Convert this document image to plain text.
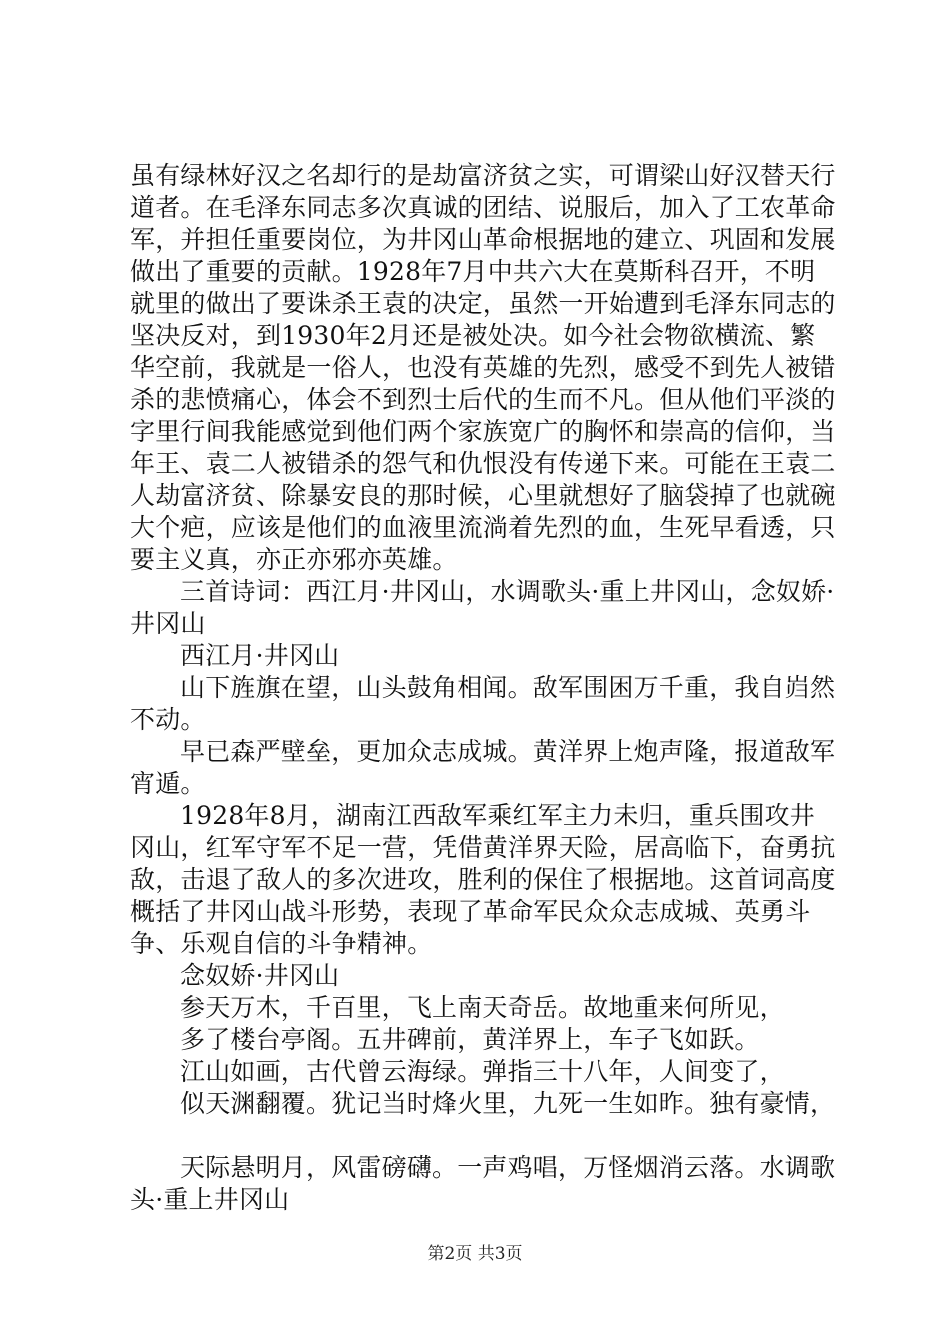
虽有绿林好汉之名却行的是劫富济贫之实，可谓梁山好汉替天行道者。在毛泽东同志多次真诚的团结、说服后，加入了工农革命军，并担任重要岗位，为井冈山革命根据地的建立、巩固和发展做出了重要的贡献。1928年7月中共六大在莫斯科召开，不明就里的做出了要诛杀王袁的决定，虽然一开始遭到毛泽东同志的坚决反对，到1930年2月还是被处决。如今社会物欲横流、繁华空前，我就是一俗人，也没有英雄的先烈，感受不到先人被错杀的悲愤痛心，体会不到烈士后代的生而不凡。但从他们平淡的字里行间我能感觉到他们两个家族宽广的胸怀和崇高的信仰，当年王、袁二人被错杀的怨气和仇恨没有传递下来。可能在王袁二人劫富济贫、除暴安良的那时候，心里就想好了脑袋掉了也就碗大个疤，应该是他们的血液里流淌着先烈的血，生死早看透，只要主义真，亦正亦邪亦英雄。

三首诗词：西江月·井冈山，水调歌头·重上井冈山，念奴娇·井冈山

西江月·井冈山

山下旌旗在望，山头鼓角相闻。敌军围困万千重，我自岿然不动。

早已森严壁垒，更加众志成城。黄洋界上炮声隆，报道敌军宵遁。

1928年8月，湖南江西敌军乘红军主力未归，重兵围攻井冈山，红军守军不足一营，凭借黄洋界天险，居高临下，奋勇抗敌，击退了敌人的多次进攻，胜利的保住了根据地。这首词高度概括了井冈山战斗形势，表现了革命军民众众志成城、英勇斗争、乐观自信的斗争精神。

念奴娇·井冈山

参天万木，千百里，飞上南天奇岳。故地重来何所见，

多了楼台亭阁。五井碑前，黄洋界上，车子飞如跃。

江山如画，古代曾云海绿。弹指三十八年，人间变了，

似天渊翻覆。犹记当时烽火里，九死一生如昨。独有豪情，

天际悬明月，风雷磅礴。一声鸡唱，万怪烟消云落。水调歌头·重上井冈山

第2页 共3页
